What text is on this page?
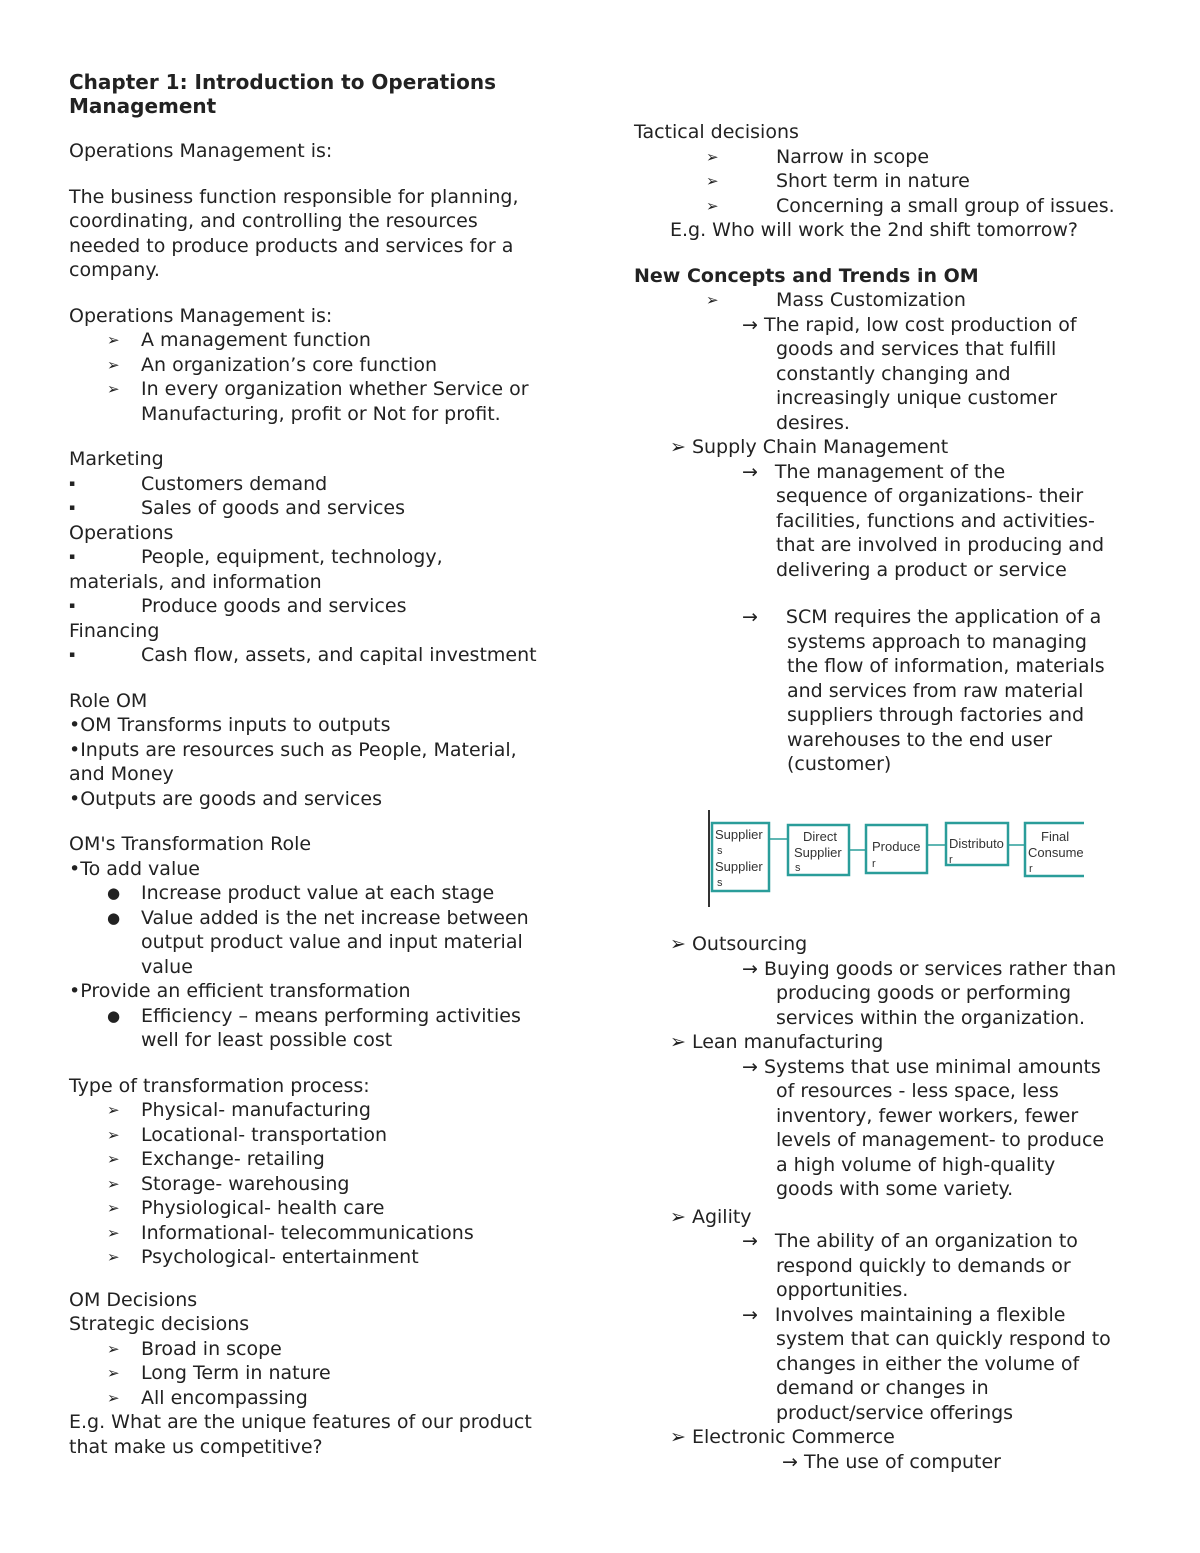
Chapter 1: Introduction to Operations
Management
Operations Management is:
The business function responsible for planning,
coordinating, and controlling the resources
needed to produce products and services for a
company.
Operations Management is:
➢ A management function
➢ An organization’s core function
➢ In every organization whether Service or
Manufacturing, profit or Not for profit.
Marketing
▪	Customers demand
▪	Sales of goods and services
Operations
▪	People, equipment, technology,
materials, and information
▪	Produce goods and services
Financing
▪	Cash flow, assets, and capital investment
Role OM
•OM Transforms inputs to outputs
•Inputs are resources such as People, Material,
and Money
•Outputs are goods and services
OM's Transformation Role
•To add value
● Increase product value at each stage
● Value added is the net increase between
output product value and input material
value
•Provide an efficient transformation
● Efficiency – means performing activities
well for least possible cost
Type of transformation process:
➢ Physical- manufacturing
➢ Locational- transportation
➢ Exchange- retailing
➢ Storage- warehousing
➢ Physiological- health care
➢ Informational- telecommunications
➢ Psychological- entertainment
OM Decisions
Strategic decisions
➢ Broad in scope
➢ Long Term in nature
➢ All encompassing
E.g. What are the unique features of our product
that make us competitive?
Tactical decisions
➢	Narrow in scope
➢	Short term in nature
➢	Concerning a small group of issues.
E.g. Who will work the 2nd shift tomorrow?
New Concepts and Trends in OM
➢	Mass Customization
→ The rapid, low cost production of
goods and services that fulfill
constantly changing and
increasingly unique customer
desires.
➢ Supply Chain Management
→ The management of the
sequence of organizations- their
facilities, functions and activities-
that are involved in producing and
delivering a product or service
→ SCM requires the application of a
systems approach to managing
the flow of information, materials
and services from raw material
suppliers through factories and
warehouses to the end user
(customer)
Supplier
s
Supplier
s
Direct
Supplier
s
Produce
r
Distributo
r
Final
Consume
r
➢ Outsourcing
→ Buying goods or services rather than
producing goods or performing
services within the organization.
➢ Lean manufacturing
→ Systems that use minimal amounts
of resources - less space, less
inventory, fewer workers, fewer
levels of management- to produce
a high volume of high-quality
goods with some variety.
➢ Agility
→ The ability of an organization to
respond quickly to demands or
opportunities.
→ Involves maintaining a flexible
system that can quickly respond to
changes in either the volume of
demand or changes in
product/service offerings
➢ Electronic Commerce
→ The use of computer
